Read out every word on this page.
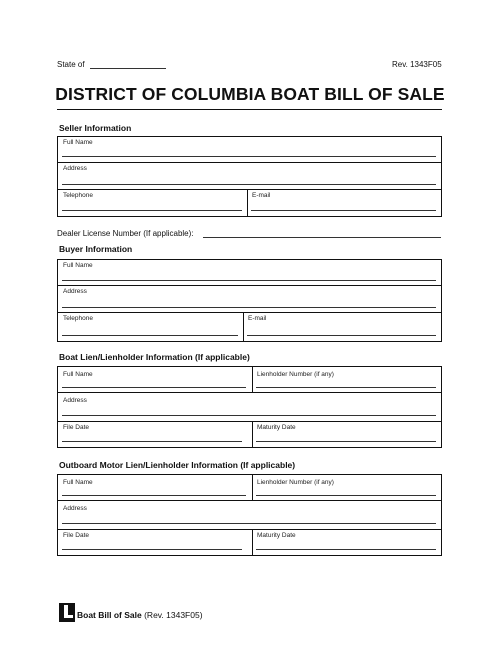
State of	Rev. 1343F05
DISTRICT OF COLUMBIA BOAT BILL OF SALE
Seller Information
Full Name
Address
Telephone	E-mail
Dealer License Number (If applicable):
Buyer Information
Full Name
Address
Telephone	E-mail
Boat Lien/Lienholder Information (If applicable)
Full Name	Lienholder Number (if any)
Address
File Date	Maturity Date
Outboard Motor Lien/Lienholder Information (If applicable)
Full Name	Lienholder Number (if any)
Address
File Date	Maturity Date
Boat Bill of Sale (Rev. 1343F05)
